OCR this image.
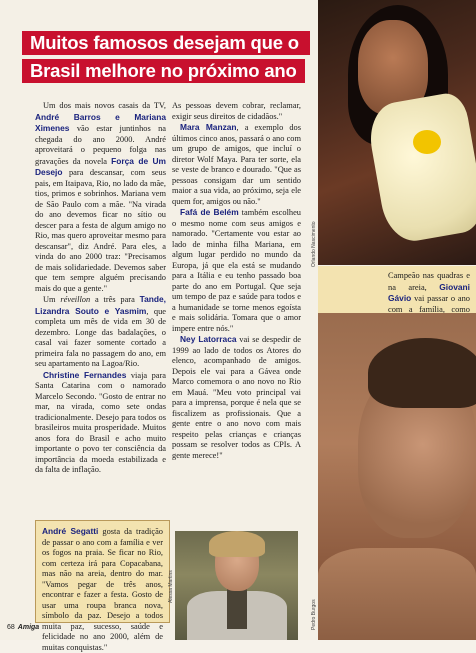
Muitos famosos desejam que o
Brasil melhore no próximo ano

Um dos mais novos casais da TV, André Barros e Mariana Ximenes vão estar juntinhos na chegada do ano 2000. André aproveitará o pequeno folga nas gravações da novela Força de Um Desejo para descansar, com seus pais, em Itaipava, Rio, no lado da mãe, tios, primos e sobrinhos. Mariana vem de São Paulo com a mãe. "Na virada do ano devemos ficar no sítio ou descer para a festa de algum amigo no Rio, mas quero aproveitar mesmo para descansar", diz André. Para eles, a vinda do ano 2000 traz: "Precisamos de mais solidariedade. Devemos saber que tem sempre alguém precisando mais do que a gente."

Um réveillon a três para Tande, Lizandra Souto e Yasmim, que completa um mês de vida em 30 de dezembro. Longe das badalações, o casal vai fazer somente cortado a primeira fala no passagem do ano, em seu apartamento na Lagoa/Rio.

Christine Fernandes viaja para Santa Catarina com o namorado Marcelo Secondo. "Gosto de entrar no mar, na virada, como sete ondas tradicionalmente. Desejo para todos os brasileiros muita prosperidade. Muitos anos fora do Brasil e acho muito importante o povo ter consciência da importância da moeda estabilizada e da falta de inflação.

As pessoas devem cobrar, reclamar, exigir seus direitos de cidadãos."

Mara Manzan, a exemplo dos últimos cinco anos, passará o ano com um grupo de amigos, que incluí o diretor Wolf Maya. Para ter sorte, ela se veste de branco e dourado. "Que as pessoas consigam dar um sentido maior a sua vida, ao próximo, seja ele quem for, amigos ou não."

Fafá de Belém também escolheu o mesmo nome com seus amigos e namorado. "Certamente vou estar ao lado de minha filha Mariana, em algum lugar perdido no mundo da Europa, já que ela está se mudando para a Itália e eu tenho passado boa parte do ano em Portugal. Que seja um tempo de paz e saúde para todos e a humanidade se torne menos egoísta e mais solidária. Tomara que o amor impere entre nós."

Ney Latorraca vai se despedir de 1999 ao lado de todos os Atores do elenco, acompanhado de amigos. Depois ele vai para a Gávea onde Marco comemora o ano novo no Rio em Mauá. "Meu voto principal vai para a imprensa, porque é nela que se fiscalizem as profissionais. Que a gente entre o ano novo com mais respeito pelas crianças e crianças possam se resolver todos as CPIs. A gente merece!"

Orlando Nascimento
Campeão nas quadras e na areia, Giovani Gávio vai passar o ano com a família, como
Pedro Burgos
André Segatti gosta da tradição de passar o ano com a família e ver os fogos na praia. Se ficar no Rio, com certeza irá para Copacabana, mas não na areia, dentro do mar. "Vamos pegar de três anos, encontrar e fazer a festa. Gosto de usar uma roupa branca nova, símbolo da paz. Desejo a todos muita paz, sucesso, saúde e felicidade no ano 2000, além de muitas conquistas."
Alessa Martins
68 Amiga
